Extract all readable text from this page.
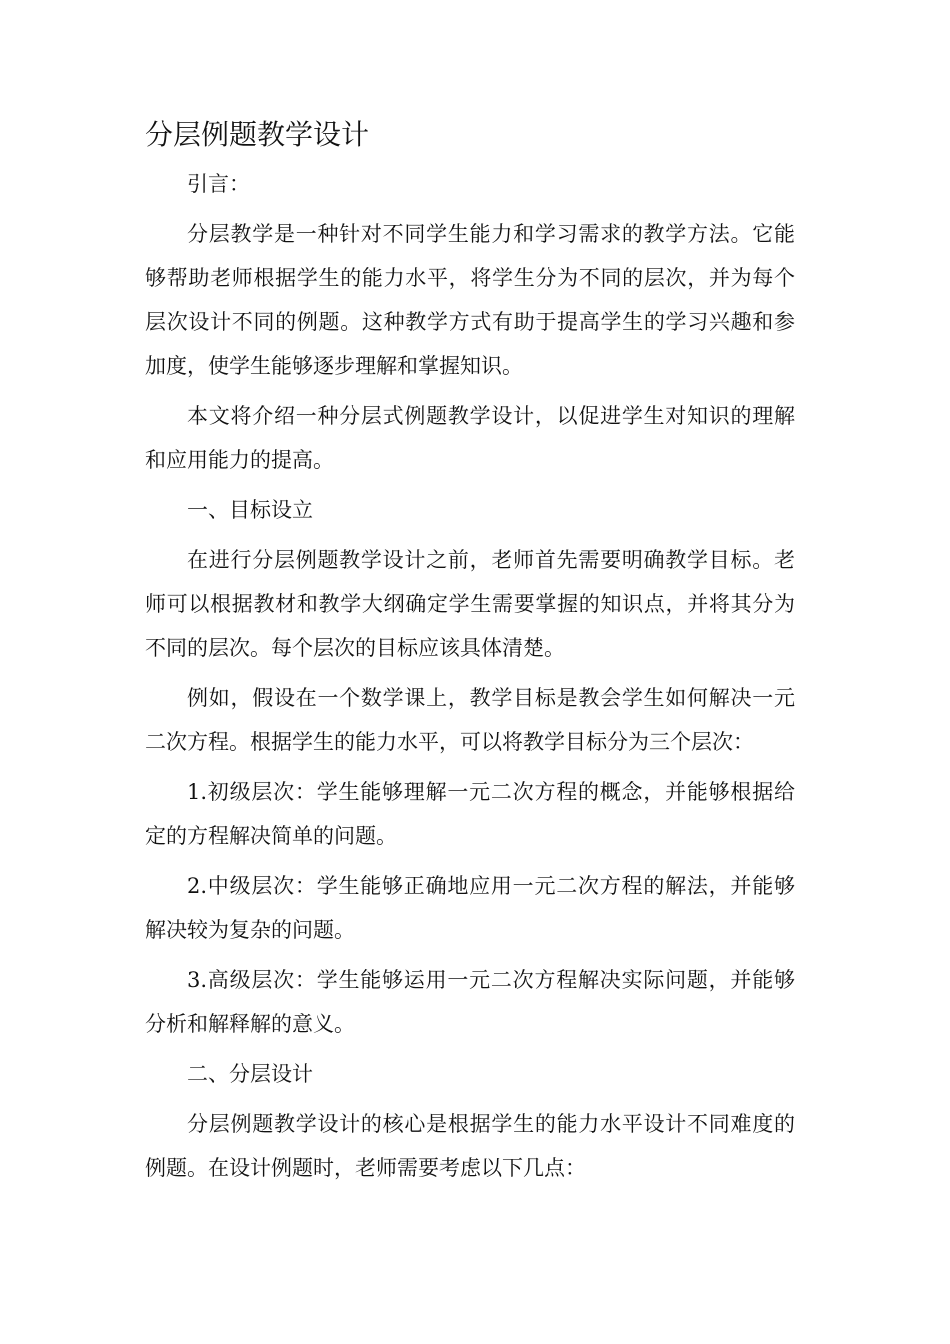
分层例题教学设计

引言：

分层教学是一种针对不同学生能力和学习需求的教学方法。它能够帮助老师根据学生的能力水平，将学生分为不同的层次，并为每个层次设计不同的例题。这种教学方式有助于提高学生的学习兴趣和参加度，使学生能够逐步理解和掌握知识。

本文将介绍一种分层式例题教学设计，以促进学生对知识的理解和应用能力的提高。

一、目标设立

在进行分层例题教学设计之前，老师首先需要明确教学目标。老师可以根据教材和教学大纲确定学生需要掌握的知识点，并将其分为不同的层次。每个层次的目标应该具体清楚。

例如，假设在一个数学课上，教学目标是教会学生如何解决一元二次方程。根据学生的能力水平，可以将教学目标分为三个层次：

1.初级层次：学生能够理解一元二次方程的概念，并能够根据给定的方程解决简单的问题。

2.中级层次：学生能够正确地应用一元二次方程的解法，并能够解决较为复杂的问题。

3.高级层次：学生能够运用一元二次方程解决实际问题，并能够分析和解释解的意义。

二、分层设计

分层例题教学设计的核心是根据学生的能力水平设计不同难度的例题。在设计例题时，老师需要考虑以下几点：
